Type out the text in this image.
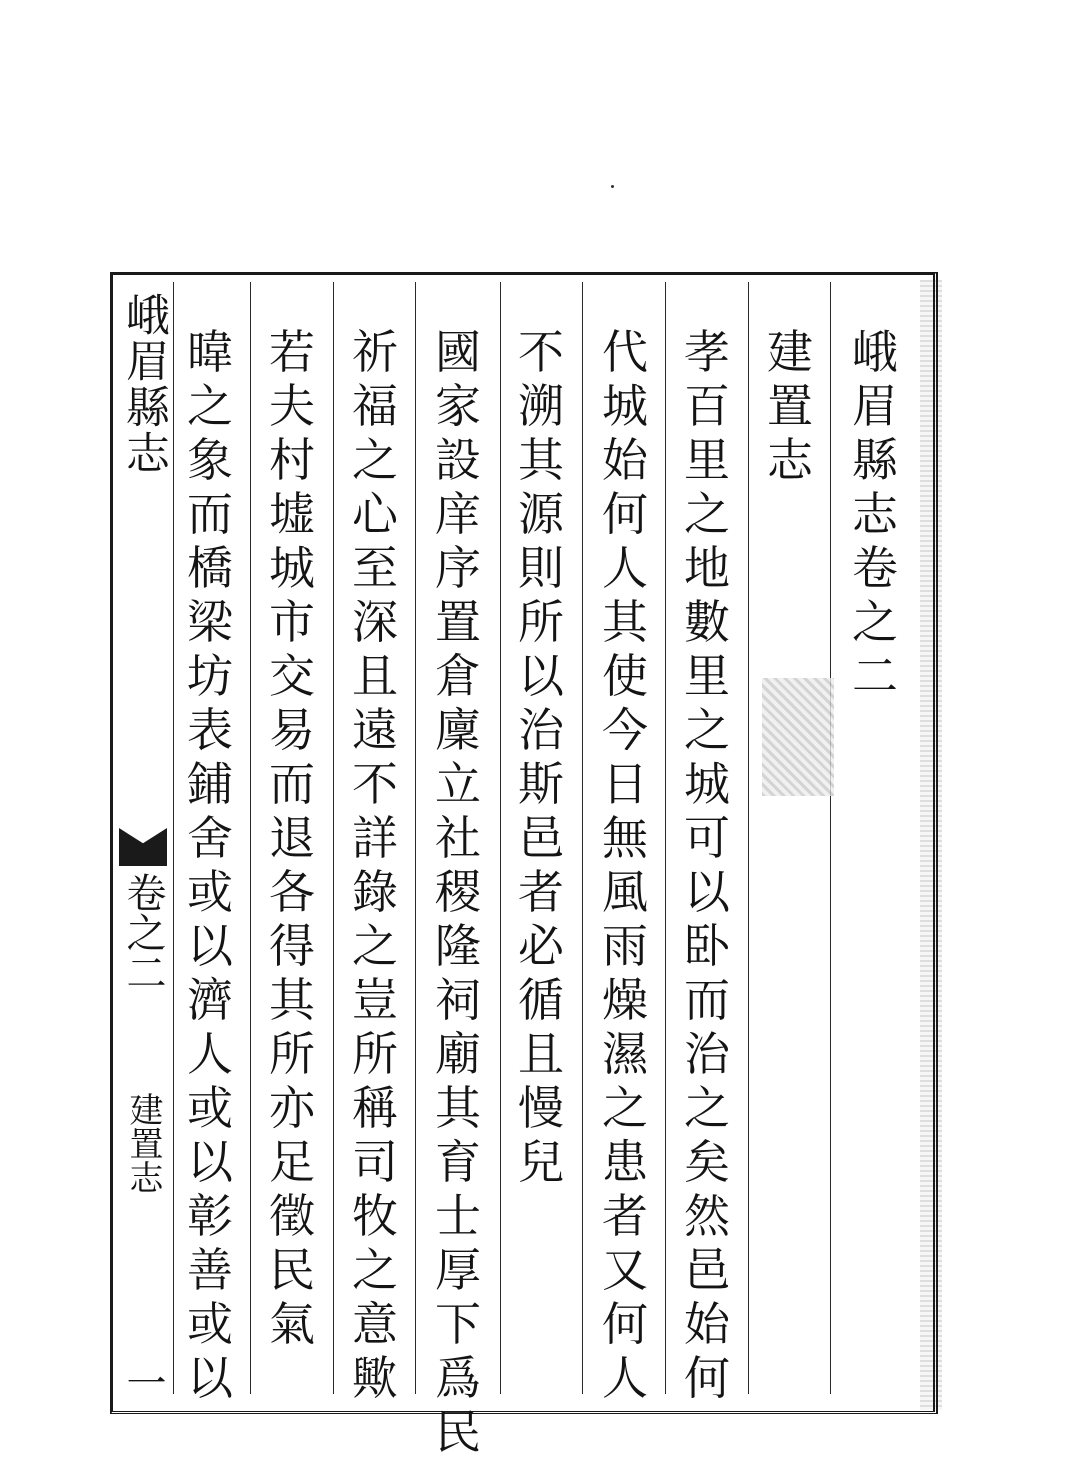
峨
眉
縣
志
卷
之
二
建
置
志
孝
百
里
之
地
數
里
之
城
可
以
卧
而
治
之
矣
然
邑
始
何
代
城
始
何
人
其
使
今
日
無
風
雨
燥
濕
之
患
者
又
何
人
不
溯
其
源
則
所
以
治
斯
邑
者
必
循
且
慢
兒
國
家
設
庠
序
置
倉
廩
立
社
稷
隆
祠
廟
其
育
士
厚
下
爲
民
祈
福
之
心
至
深
且
遠
不
詳
錄
之
豈
所
稱
司
牧
之
意
歟
若
夫
村
墟
城
市
交
易
而
退
各
得
其
所
亦
足
徵
民
氣
暐
之
象
而
橋
梁
坊
表
鋪
舍
或
以
濟
人
或
以
彰
善
或
以
峨眉縣志
卷之二
建置志
一
